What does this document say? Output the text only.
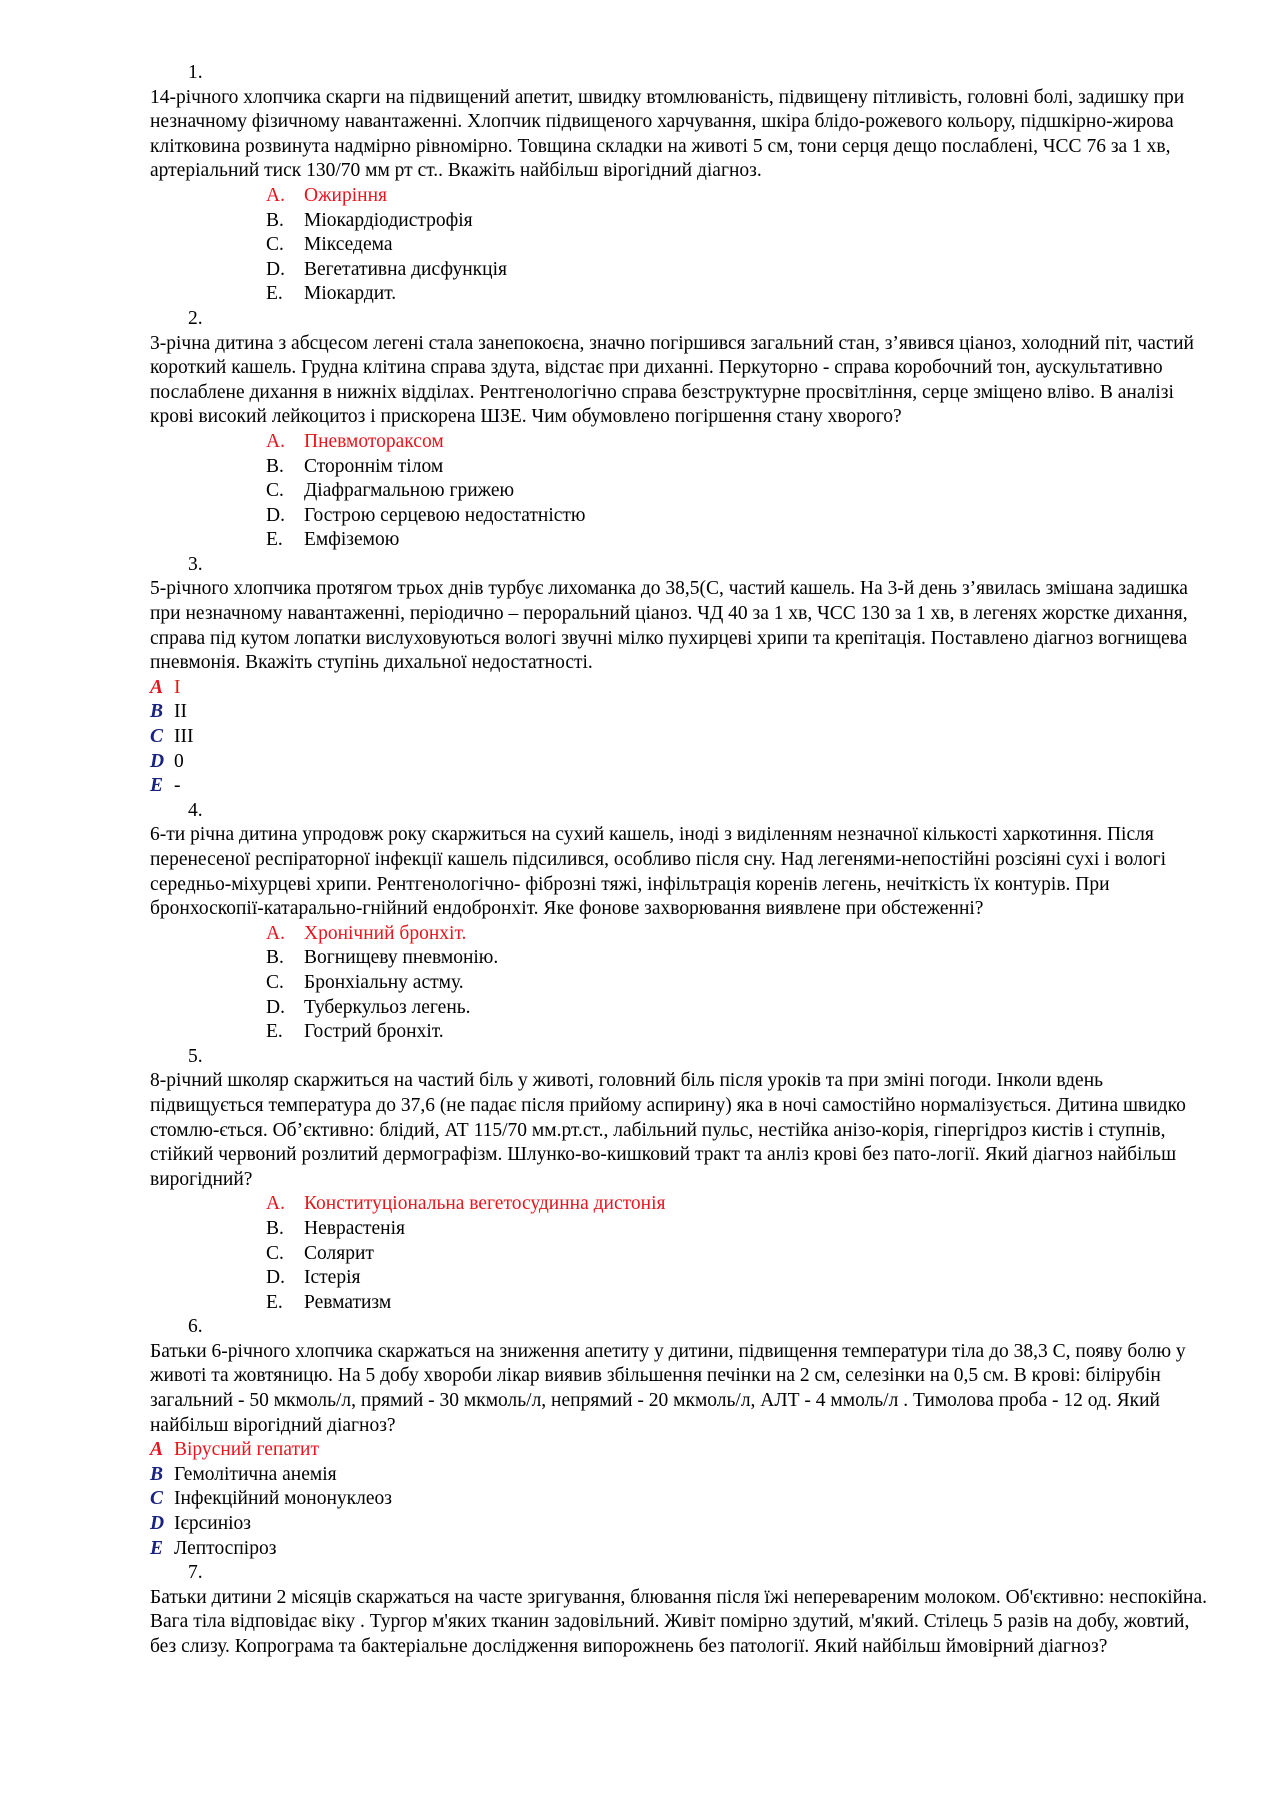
1.
14-річного хлопчика скарги на підвищений апетит, швидку втомлюваність, підвищену пітливість, головні болі, задишку при незначному фізичному навантаженні. Хлопчик підвищеного харчування, шкіра блідо-рожевого кольору, підшкірно-жирова клітковина розвинута надмірно рівномірно. Товщина складки на животі 5 см, тони серця дещо послаблені, ЧСС 76 за 1 хв, артеріальний тиск 130/70 мм рт ст.. Вкажіть найбільш вірогідний діагноз.
A. Ожиріння
B. Міокардіодистрофія
C. Мікседема
D. Вегетативна дисфункція
E. Міокардит.
2.
3-річна дитина з абсцесом легені стала занепокоєна, значно погіршився загальний стан, з’явився ціаноз, холодний піт, частий короткий кашель. Грудна клітина справа здута, відстає при диханні. Перкуторно - справа коробочний тон, аускультативно послаблене дихання в нижніх відділах. Рентгенологічно справа безструктурне просвітління, серце зміщено вліво. В аналізі крові високий лейкоцитоз і прискорена ШЗЕ. Чим обумовлено погіршення стану хворого?
A. Пневмотораксом
B. Стороннім тілом
C. Діафрагмальною грижею
D. Гострою серцевою недостатністю
E. Емфіземою
3.
5-річного хлопчика протягом трьох днів турбує лихоманка до 38,5(С, частий кашель. На 3-й день з’явилась змішана задишка при незначному навантаженні, періодично – пероральний ціаноз. ЧД 40 за 1 хв, ЧСС 130 за 1 хв, в легенях жорстке дихання, справа під кутом лопатки вислуховуються вологі звучні мілко пухирцеві хрипи та крепітація. Поставлено діагноз вогнищева пневмонія. Вкажіть ступінь дихальної недостатності.
A I
B II
C III
D 0
E -
4.
6-ти річна дитина упродовж року скаржиться на сухий кашель, іноді з виділенням незначної кількості харкотиння. Після перенесеної респіраторної інфекції кашель підсилився, особливо після сну. Над легенями-непостійні розсіяні сухі і вологі середньо-міхурцеві хрипи. Рентгенологічно- фіброзні тяжі, інфільтрація коренів легень, нечіткість їх контурів. При бронхоскопії-катарально-гнійний ендобронхіт. Яке фонове захворювання виявлене при обстеженні?
A. Хронічний бронхіт.
B. Вогнищеву пневмонію.
C. Бронхіальну астму.
D. Туберкульоз легень.
E. Гострий бронхіт.
5.
8-річний школяр скаржиться на частий біль у животі, головний біль після уроків та при зміні погоди. Інколи вдень підвищується температура до 37,6 (не падає після прийому аспирину) яка в ночі самостійно нормалізується. Дитина швидко стомлю-ється. Об’єктивно: блідий, АТ 115/70 мм.рт.ст., лабільний пульс, нестійка анізо-корія, гіпергідроз кистів і ступнів, стійкий червоний розлитий дермографізм. Шлунко-во-кишковий тракт та анліз крові без пато-логії. Який діагноз найбільш вирогідний?
A. Конституціональна вегетосудинна дистонія
B. Неврастенія
C. Солярит
D. Істерія
E. Ревматизм
6.
Батьки 6-річного хлопчика скаржаться на зниження апетиту у дитини, підвищення температури тіла до 38,3 С, появу болю у животі та жовтяницю. На 5 добу хвороби лікар виявив збільшення печінки на 2 см, селезінки на 0,5 см. В крові: білірубін загальний - 50 мкмоль/л, прямий - 30 мкмоль/л, непрямий - 20 мкмоль/л, АЛТ - 4 ммоль/л . Тимолова проба - 12 од. Який найбільш вірогідний діагноз?
A Вірусний гепатит
B Гемолітична анемія
C Інфекційний мононуклеоз
D Ієрсиніоз
E Лептоспіроз
7.
Батьки дитини 2 місяців скаржаться на часте зригування, блювання після їжі неперевареним молоком. Об'єктивно: неспокійна. Вага тіла відповідає віку . Тургор м'яких тканин задовільний. Живіт помірно здутий, м'який. Стілець 5 разів на добу, жовтий, без слизу. Копрограма та бактеріальне дослідження випорожнень без патології. Який найбільш ймовірний діагноз?
